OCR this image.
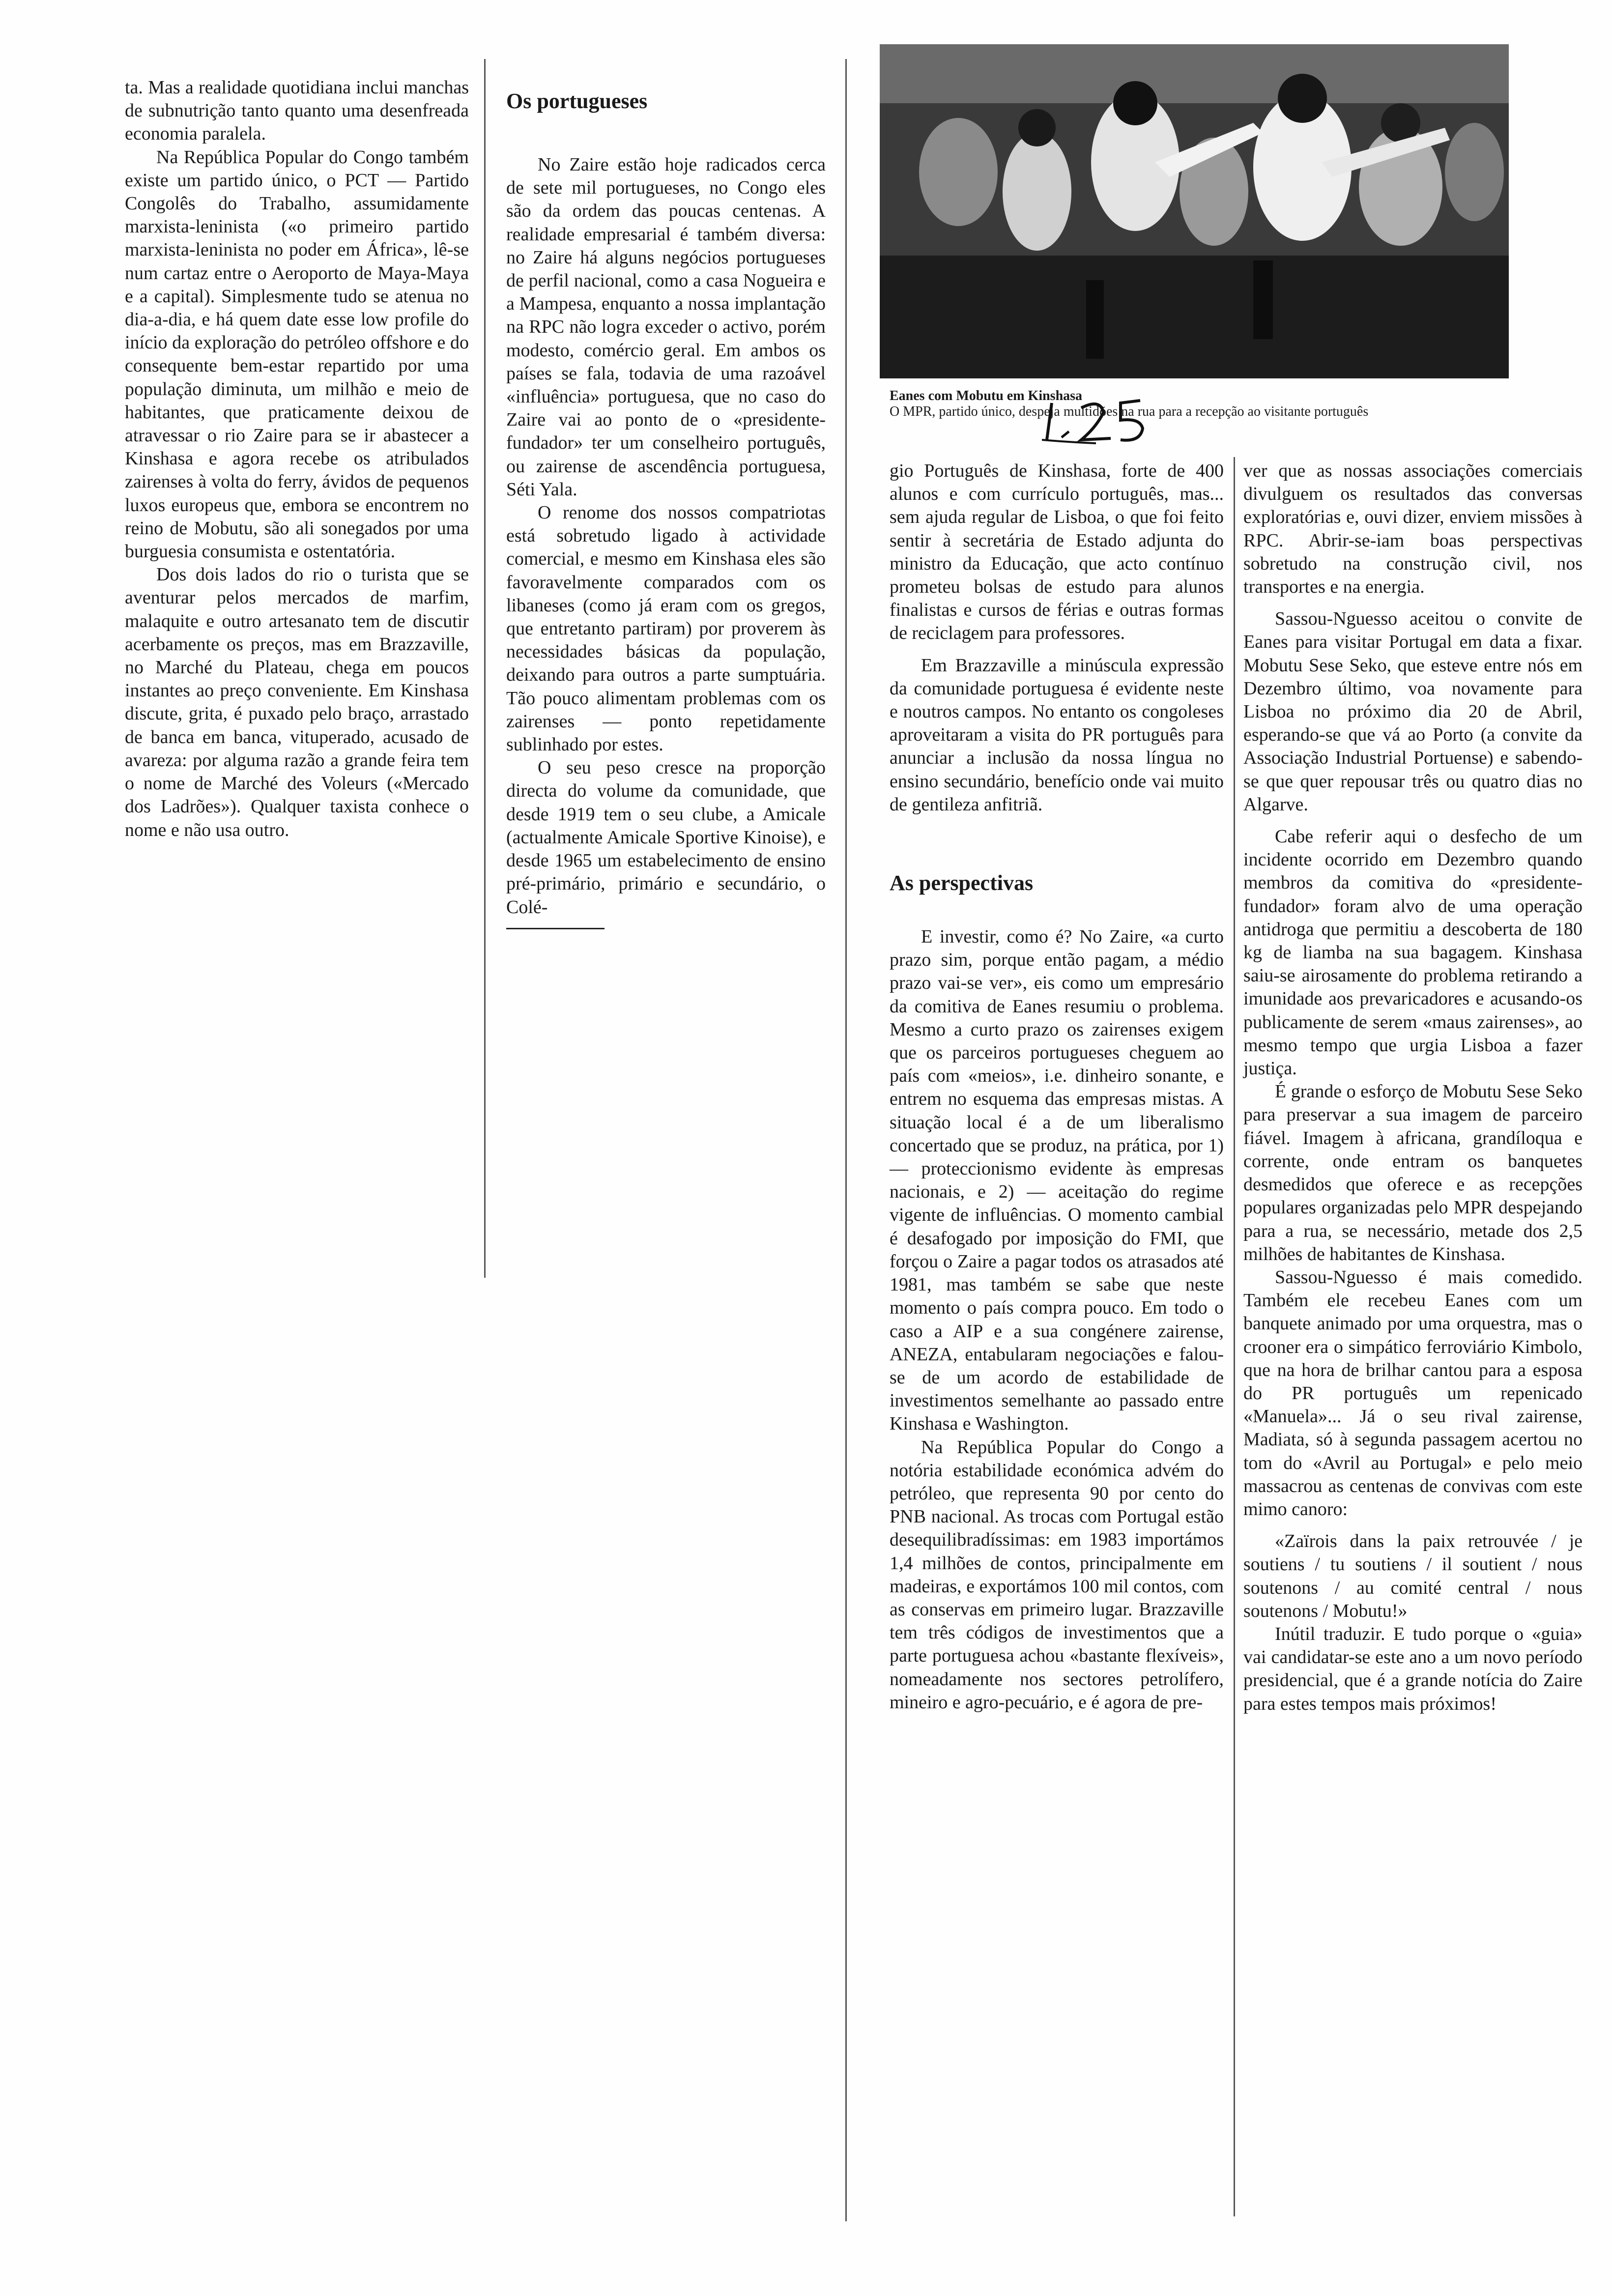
ta. Mas a realidade quotidiana inclui manchas de subnutrição tanto quanto uma desenfreada economia paralela.

Na República Popular do Congo também existe um partido único, o PCT — Partido Congolês do Trabalho, assumidamente marxista-leninista («o primeiro partido marxista-leninista no poder em África», lê-se num cartaz entre o Aeroporto de Maya-Maya e a capital). Simplesmente tudo se atenua no dia-a-dia, e há quem date esse low profile do início da exploração do petróleo offshore e do consequente bem-estar repartido por uma população diminuta, um milhão e meio de habitantes, que praticamente deixou de atravessar o rio Zaire para se ir abastecer a Kinshasa e agora recebe os atribulados zairenses à volta do ferry, ávidos de pequenos luxos europeus que, embora se encontrem no reino de Mobutu, são ali sonegados por uma burguesia consumista e ostentatória.

Dos dois lados do rio o turista que se aventurar pelos mercados de marfim, malaquite e outro artesanato tem de discutir acerbamente os preços, mas em Brazzaville, no Marché du Plateau, chega em poucos instantes ao preço conveniente. Em Kinshasa discute, grita, é puxado pelo braço, arrastado de banca em banca, vituperado, acusado de avareza: por alguma razão a grande feira tem o nome de Marché des Voleurs («Mercado dos Ladrões»). Qualquer taxista conhece o nome e não usa outro.

Os portugueses

No Zaire estão hoje radicados cerca de sete mil portugueses, no Congo eles são da ordem das poucas centenas. A realidade empresarial é também diversa: no Zaire há alguns negócios portugueses de perfil nacional, como a casa Nogueira e a Mampesa, enquanto a nossa implantação na RPC não logra exceder o activo, porém modesto, comércio geral. Em ambos os países se fala, todavia de uma razoável «influência» portuguesa, que no caso do Zaire vai ao ponto de o «presidente-fundador» ter um conselheiro português, ou zairense de ascendência portuguesa, Séti Yala.

O renome dos nossos compatriotas está sobretudo ligado à actividade comercial, e mesmo em Kinshasa eles são favoravelmente comparados com os libaneses (como já eram com os gregos, que entretanto partiram) por proverem às necessidades básicas da população, deixando para outros a parte sumptuária. Tão pouco alimentam problemas com os zairenses — ponto repetidamente sublinhado por estes.

O seu peso cresce na proporção directa do volume da comunidade, que desde 1919 tem o seu clube, a Amicale (actualmente Amicale Sportive Kinoise), e desde 1965 um estabelecimento de ensino pré-primário, primário e secundário, o Colé-

Eanes com Mobutu em Kinshasa
O MPR, partido único, despeja multidões na rua para a recepção ao visitante português

gio Português de Kinshasa, forte de 400 alunos e com currículo português, mas... sem ajuda regular de Lisboa, o que foi feito sentir à secretária de Estado adjunta do ministro da Educação, que acto contínuo prometeu bolsas de estudo para alunos finalistas e cursos de férias e outras formas de reciclagem para professores.

Em Brazzaville a minúscula expressão da comunidade portuguesa é evidente neste e noutros campos. No entanto os congoleses aproveitaram a visita do PR português para anunciar a inclusão da nossa língua no ensino secundário, benefício onde vai muito de gentileza anfitriã.

As perspectivas

E investir, como é? No Zaire, «a curto prazo sim, porque então pagam, a médio prazo vai-se ver», eis como um empresário da comitiva de Eanes resumiu o problema. Mesmo a curto prazo os zairenses exigem que os parceiros portugueses cheguem ao país com «meios», i.e. dinheiro sonante, e entrem no esquema das empresas mistas. A situação local é a de um liberalismo concertado que se produz, na prática, por 1) — proteccionismo evidente às empresas nacionais, e 2) — aceitação do regime vigente de influências. O momento cambial é desafogado por imposição do FMI, que forçou o Zaire a pagar todos os atrasados até 1981, mas também se sabe que neste momento o país compra pouco. Em todo o caso a AIP e a sua congénere zairense, ANEZA, entabularam negociações e falou-se de um acordo de estabilidade de investimentos semelhante ao passado entre Kinshasa e Washington.

Na República Popular do Congo a notória estabilidade económica advém do petróleo, que representa 90 por cento do PNB nacional. As trocas com Portugal estão desequilibradíssimas: em 1983 importámos 1,4 milhões de contos, principalmente em madeiras, e exportámos 100 mil contos, com as conservas em primeiro lugar. Brazzaville tem três códigos de investimentos que a parte portuguesa achou «bastante flexíveis», nomeadamente nos sectores petrolífero, mineiro e agro-pecuário, e é agora de pre-

ver que as nossas associações comerciais divulguem os resultados das conversas exploratórias e, ouvi dizer, enviem missões à RPC. Abrir-se-iam boas perspectivas sobretudo na construção civil, nos transportes e na energia.

Sassou-Nguesso aceitou o convite de Eanes para visitar Portugal em data a fixar. Mobutu Sese Seko, que esteve entre nós em Dezembro último, voa novamente para Lisboa no próximo dia 20 de Abril, esperando-se que vá ao Porto (a convite da Associação Industrial Portuense) e sabendo-se que quer repousar três ou quatro dias no Algarve.

Cabe referir aqui o desfecho de um incidente ocorrido em Dezembro quando membros da comitiva do «presidente-fundador» foram alvo de uma operação antidroga que permitiu a descoberta de 180 kg de liamba na sua bagagem. Kinshasa saiu-se airosamente do problema retirando a imunidade aos prevaricadores e acusando-os publicamente de serem «maus zairenses», ao mesmo tempo que urgia Lisboa a fazer justiça.

É grande o esforço de Mobutu Sese Seko para preservar a sua imagem de parceiro fiável. Imagem à africana, grandíloqua e corrente, onde entram os banquetes desmedidos que oferece e as recepções populares organizadas pelo MPR despejando para a rua, se necessário, metade dos 2,5 milhões de habitantes de Kinshasa.

Sassou-Nguesso é mais comedido. Também ele recebeu Eanes com um banquete animado por uma orquestra, mas o crooner era o simpático ferroviário Kimbolo, que na hora de brilhar cantou para a esposa do PR português um repenicado «Manuela»... Já o seu rival zairense, Madiata, só à segunda passagem acertou no tom do «Avril au Portugal» e pelo meio massacrou as centenas de convivas com este mimo canoro:

«Zaïrois dans la paix retrouvée / je soutiens / tu soutiens / il soutient / nous soutenons / au comité central / nous soutenons / Mobutu!»

Inútil traduzir. E tudo porque o «guia» vai candidatar-se este ano a um novo período presidencial, que é a grande notícia do Zaire para estes tempos mais próximos!
